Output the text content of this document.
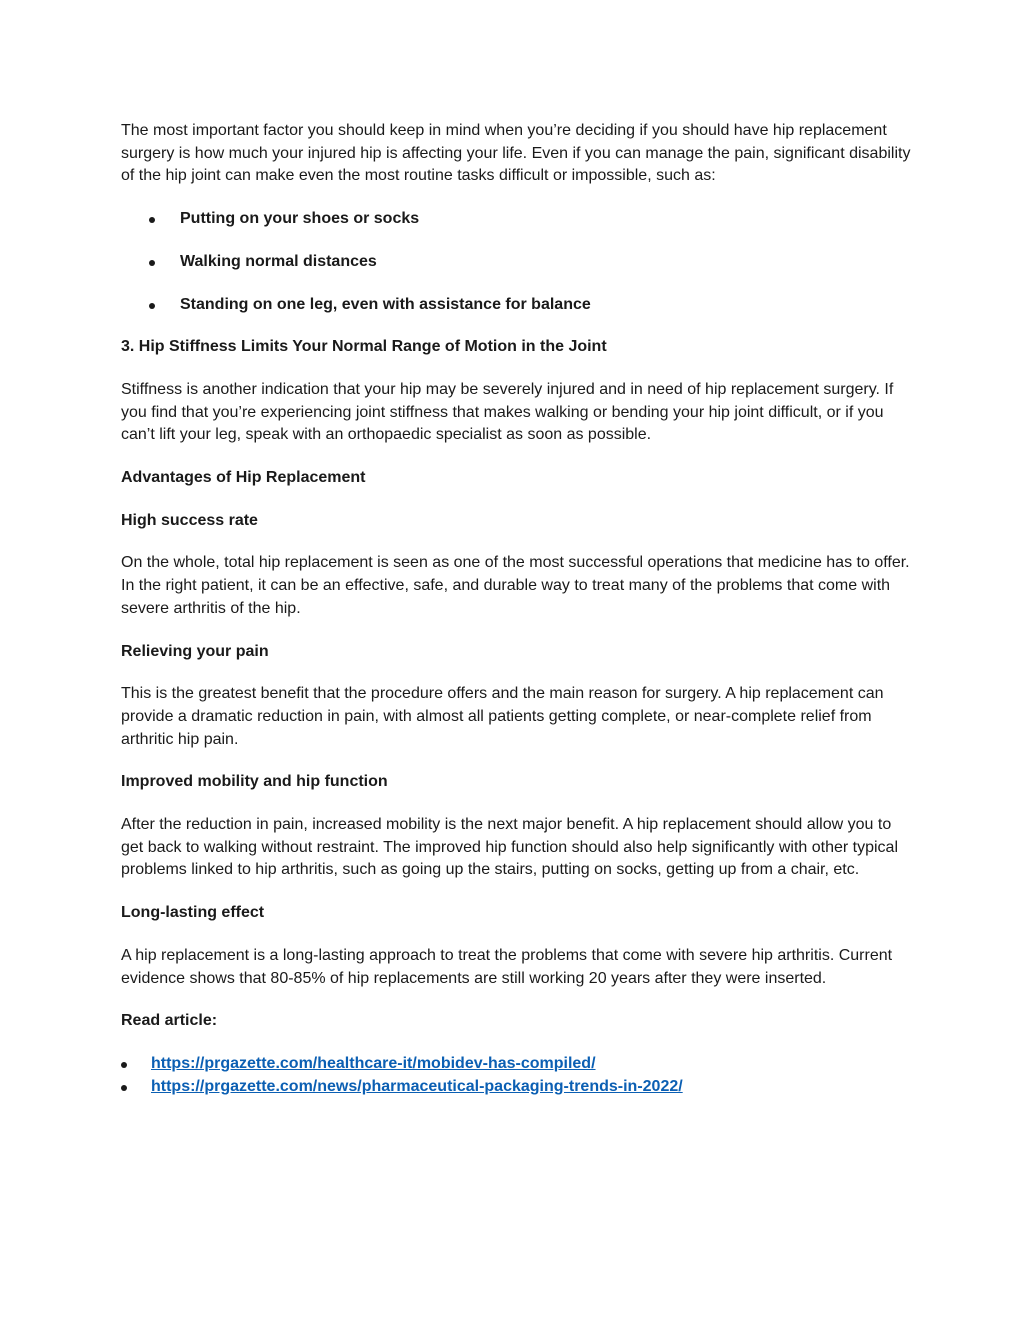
The most important factor you should keep in mind when you’re deciding if you should have hip replacement surgery is how much your injured hip is affecting your life. Even if you can manage the pain, significant disability of the hip joint can make even the most routine tasks difficult or impossible, such as:

Putting on your shoes or socks
Walking normal distances
Standing on one leg, even with assistance for balance

3. Hip Stiffness Limits Your Normal Range of Motion in the Joint

Stiffness is another indication that your hip may be severely injured and in need of hip replacement surgery. If you find that you’re experiencing joint stiffness that makes walking or bending your hip joint difficult, or if you can’t lift your leg, speak with an orthopaedic specialist as soon as possible.

Advantages of Hip Replacement

High success rate

On the whole, total hip replacement is seen as one of the most successful operations that medicine has to offer. In the right patient, it can be an effective, safe, and durable way to treat many of the problems that come with severe arthritis of the hip.

Relieving your pain

This is the greatest benefit that the procedure offers and the main reason for surgery. A hip replacement can provide a dramatic reduction in pain, with almost all patients getting complete, or near-complete relief from arthritic hip pain.

Improved mobility and hip function

After the reduction in pain, increased mobility is the next major benefit. A hip replacement should allow you to get back to walking without restraint. The improved hip function should also help significantly with other typical problems linked to hip arthritis, such as going up the stairs, putting on socks, getting up from a chair, etc.

Long-lasting effect

A hip replacement is a long-lasting approach to treat the problems that come with severe hip arthritis. Current evidence shows that 80-85% of hip replacements are still working 20 years after they were inserted.

Read article:

https://prgazette.com/healthcare-it/mobidev-has-compiled/
https://prgazette.com/news/pharmaceutical-packaging-trends-in-2022/
